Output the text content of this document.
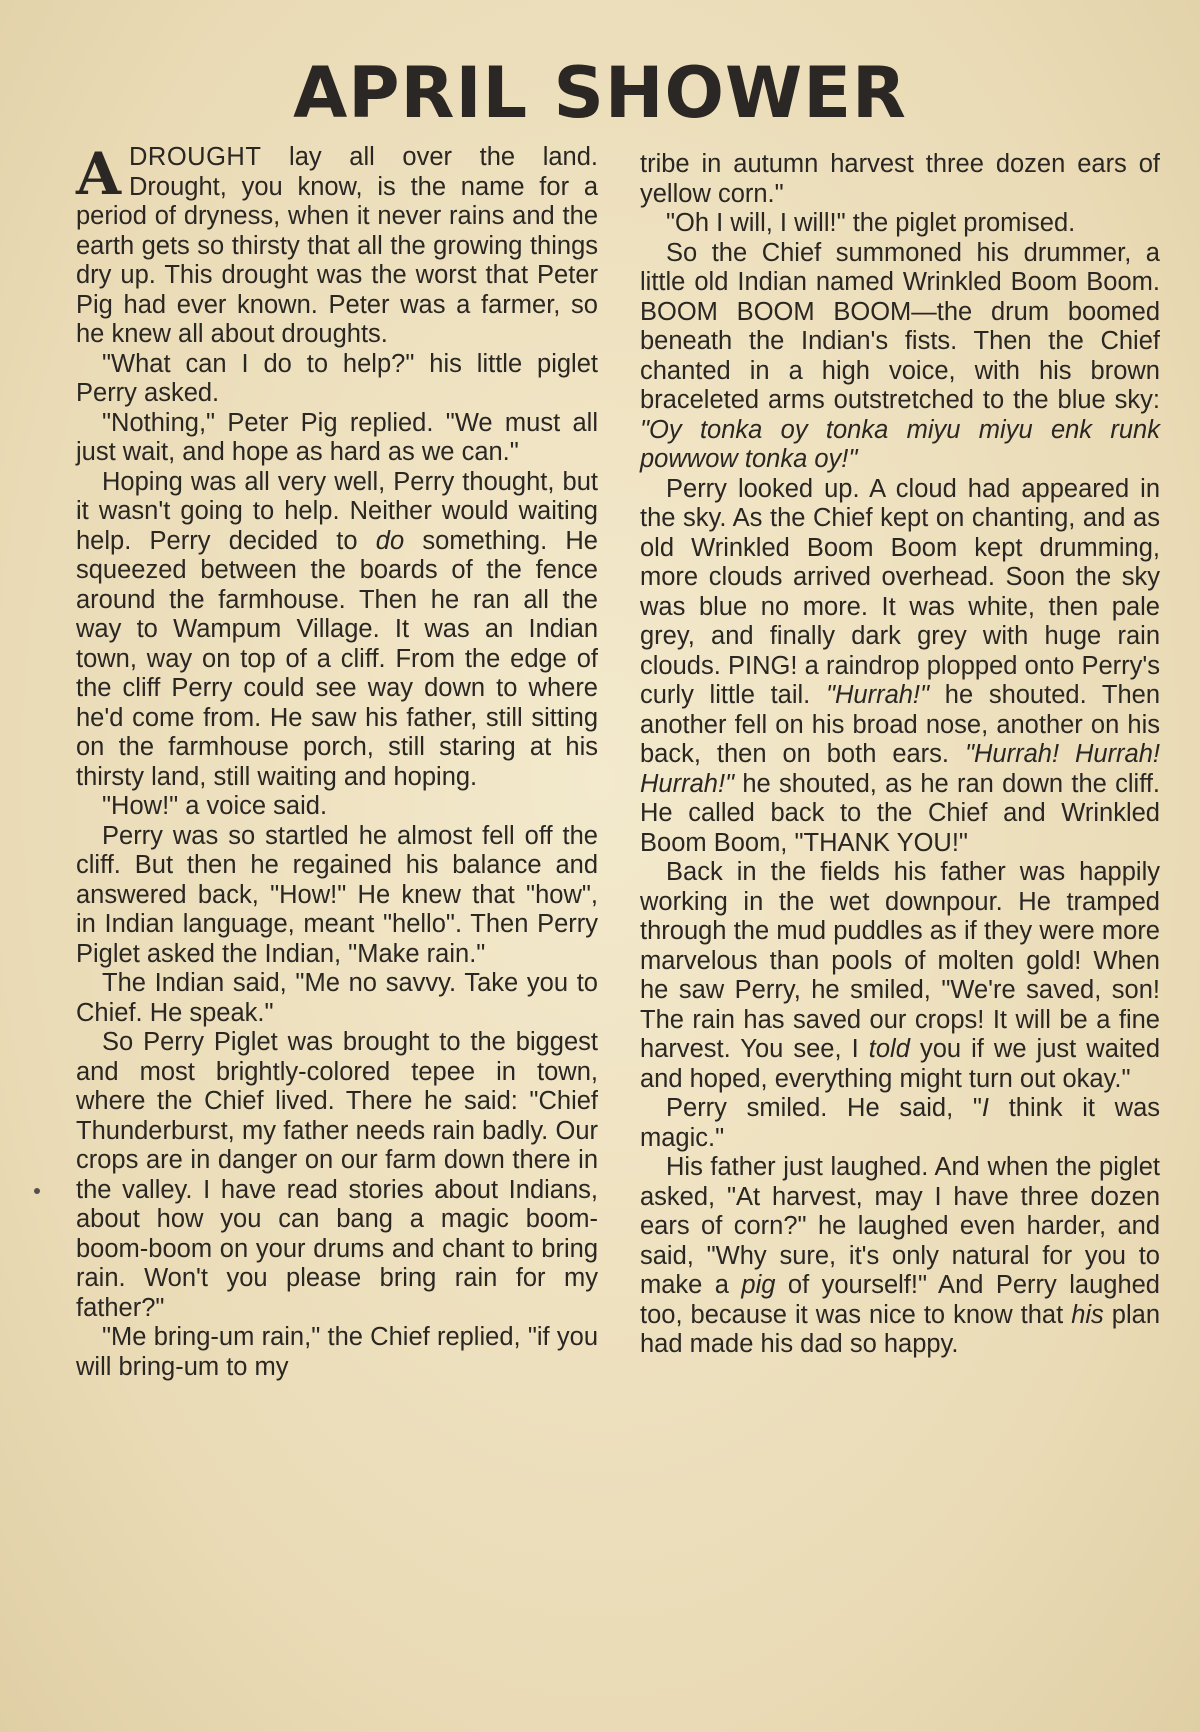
APRIL SHOWER

ADROUGHT lay all over the land. Drought, you know, is the name for a period of dryness, when it never rains and the earth gets so thirsty that all the growing things dry up. This drought was the worst that Peter Pig had ever known. Peter was a farmer, so he knew all about droughts.

"What can I do to help?" his little piglet Perry asked.

"Nothing," Peter Pig replied. "We must all just wait, and hope as hard as we can."

Hoping was all very well, Perry thought, but it wasn't going to help. Neither would waiting help. Perry decided to do something. He squeezed between the boards of the fence around the farmhouse. Then he ran all the way to Wampum Village. It was an Indian town, way on top of a cliff. From the edge of the cliff Perry could see way down to where he'd come from. He saw his father, still sitting on the farmhouse porch, still staring at his thirsty land, still waiting and hoping.

"How!" a voice said.

Perry was so startled he almost fell off the cliff. But then he regained his balance and answered back, "How!" He knew that "how", in Indian language, meant "hello". Then Perry Piglet asked the Indian, "Make rain."

The Indian said, "Me no savvy. Take you to Chief. He speak."

So Perry Piglet was brought to the biggest and most brightly-colored tepee in town, where the Chief lived. There he said: "Chief Thunderburst, my father needs rain badly. Our crops are in danger on our farm down there in the valley. I have read stories about Indians, about how you can bang a magic boom-boom-boom on your drums and chant to bring rain. Won't you please bring rain for my father?"

"Me bring-um rain," the Chief replied, "if you will bring-um to my

tribe in autumn harvest three dozen ears of yellow corn."

"Oh I will, I will!" the piglet promised.

So the Chief summoned his drummer, a little old Indian named Wrinkled Boom Boom. BOOM BOOM BOOM—the drum boomed beneath the Indian's fists. Then the Chief chanted in a high voice, with his brown braceleted arms outstretched to the blue sky: "Oy tonka oy tonka miyu miyu enk runk powwow tonka oy!"

Perry looked up. A cloud had appeared in the sky. As the Chief kept on chanting, and as old Wrinkled Boom Boom kept drumming, more clouds arrived overhead. Soon the sky was blue no more. It was white, then pale grey, and finally dark grey with huge rain clouds. PING! a raindrop plopped onto Perry's curly little tail. "Hurrah!" he shouted. Then another fell on his broad nose, another on his back, then on both ears. "Hurrah! Hurrah! Hurrah!" he shouted, as he ran down the cliff. He called back to the Chief and Wrinkled Boom Boom, "THANK YOU!"

Back in the fields his father was happily working in the wet downpour. He tramped through the mud puddles as if they were more marvelous than pools of molten gold! When he saw Perry, he smiled, "We're saved, son! The rain has saved our crops! It will be a fine harvest. You see, I told you if we just waited and hoped, everything might turn out okay."

Perry smiled. He said, "I think it was magic."

His father just laughed. And when the piglet asked, "At harvest, may I have three dozen ears of corn?" he laughed even harder, and said, "Why sure, it's only natural for you to make a pig of yourself!" And Perry laughed too, because it was nice to know that his plan had made his dad so happy.
